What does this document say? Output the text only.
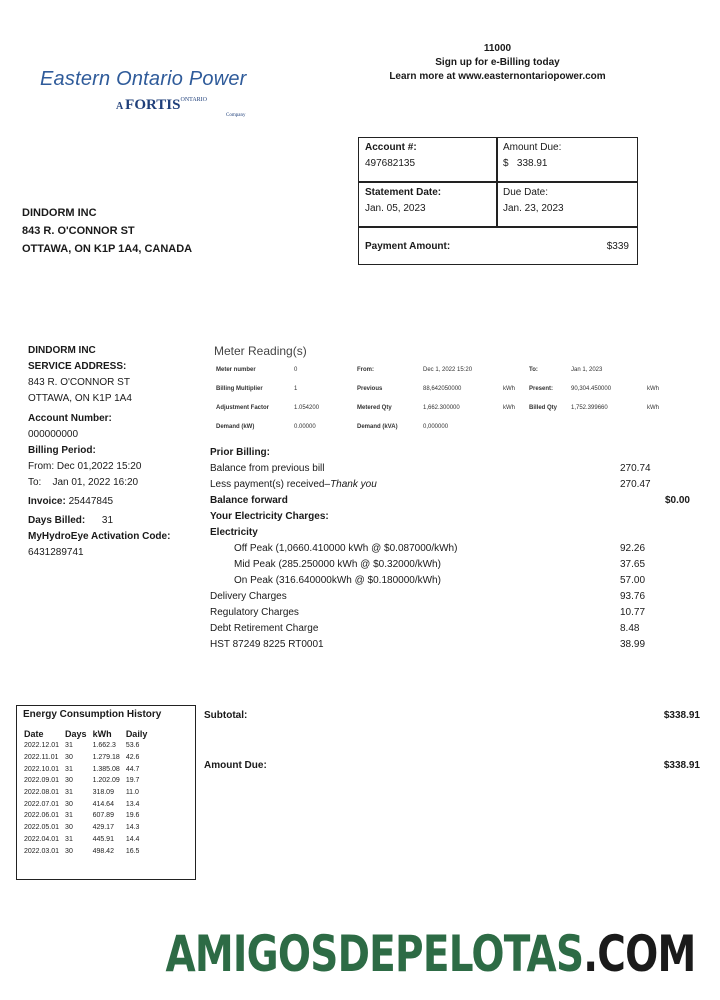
Eastern Ontario Power
A $FORTIS^{ONTARIO}$
Company
11000
Sign up for e-Billing today
Learn more at www.easternontariopower.com
Account #:
497682135
Amount Due:
$ 338.91
Statement Date:
Jan. 05, 2023
Due Date:
Jan. 23, 2023
Payment Amount:	$339
DINDORM INC
843 R. O'CONNOR ST
OTTAWA, ON K1P 1A4, CANADA
DINDORM INC
SERVICE ADDRESS:
843 R. O'CONNOR ST
OTTAWA, ON K1P 1A4
Account Number:
000000000
Billing Period:
From: Dec 01,2022 15:20
To: Jan 01, 2022 16:20
Invoice: 25447845
Days Billed: 31
MyHydroEye Activation Code:
6431289741
Meter Reading(s)
Meter number	0	From:	Dec 1, 2022 15:20		To:	Jan 1, 2023	
Billing Multiplier	1	Previous	88,642050000	kWh	Present:	90,304.450000	kWh
Adjustment Factor	1.054200	Metered Qty	1,662.300000	kWh	Billed Qty	1,752.399660	kWh
Demand (kW)	0.00000	Demand (kVA)	0,000000				
Prior Billing:
Balance from previous bill	270.74
Less payment(s) received–Thank you	270.47
Balance forward	$0.00
Your Electricity Charges:
Electricity
Off Peak (1,0660.410000 kWh @ $0.087000/kWh)	92.26
Mid Peak (285.250000 kWh @ $0.32000/kWh)	37.65
On Peak (316.640000kWh @ $0.180000/kWh)	57.00
Delivery Charges	93.76
Regulatory Charges	10.77
Debt Retirement Charge	8.48
HST 87249 8225 RT0001	38.99
Energy Consumption History
Date	Days	kWh	Daily
2022.12.01	31	1.662.3	53.6
2022.11.01	30	1.279.18	42.6
2022.10.01	31	1.385.08	44.7
2022.09.01	30	1.202.09	19.7
2022.08.01	31	318.09	11.0
2022.07.01	30	414.64	13.4
2022.06.01	31	607.89	19.6
2022.05.01	30	429.17	14.3
2022.04.01	31	445.91	14.4
2022.03.01	30	498.42	16.5
Subtotal:	$338.91
Amount Due:	$338.91
AMIGOSDEPELOTAS.COM
